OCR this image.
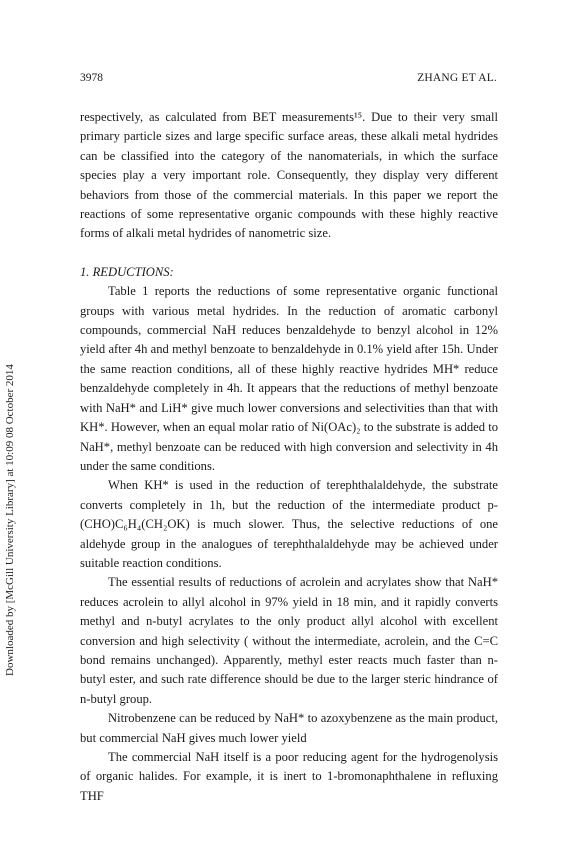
3978	ZHANG ET AL.
Downloaded by [McGill University Library] at 10:09 08 October 2014

respectively, as calculated from BET measurements¹⁵. Due to their very small primary particle sizes and large specific surface areas, these alkali metal hydrides can be classified into the category of the nanomaterials, in which the surface species play a very important role. Consequently, they display very different behaviors from those of the commercial materials. In this paper we report the reactions of some representative organic compounds with these highly reactive forms of alkali metal hydrides of nanometric size.

1. REDUCTIONS:

Table 1 reports the reductions of some representative organic functional groups with various metal hydrides. In the reduction of aromatic carbonyl compounds, commercial NaH reduces benzaldehyde to benzyl alcohol in 12% yield after 4h and methyl benzoate to benzaldehyde in 0.1% yield after 15h. Under the same reaction conditions, all of these highly reactive hydrides MH* reduce benzaldehyde completely in 4h. It appears that the reductions of methyl benzoate with NaH* and LiH* give much lower conversions and selectivities than that with KH*. However, when an equal molar ratio of Ni(OAc)₂ to the substrate is added to NaH*, methyl benzoate can be reduced with high conversion and selectivity in 4h under the same conditions.

When KH* is used in the reduction of terephthalaldehyde, the substrate converts completely in 1h, but the reduction of the intermediate product p-(CHO)C₆H₄(CH₂OK) is much slower. Thus, the selective reductions of one aldehyde group in the analogues of terephthalaldehyde may be achieved under suitable reaction conditions.

The essential results of reductions of acrolein and acrylates show that NaH* reduces acrolein to allyl alcohol in 97% yield in 18 min, and it rapidly converts methyl and n-butyl acrylates to the only product allyl alcohol with excellent conversion and high selectivity ( without the intermediate, acrolein, and the C=C bond remains unchanged). Apparently, methyl ester reacts much faster than n-butyl ester, and such rate difference should be due to the larger steric hindrance of n-butyl group.

Nitrobenzene can be reduced by NaH* to azoxybenzene as the main product, but commercial NaH gives much lower yield

The commercial NaH itself is a poor reducing agent for the hydrogenolysis of organic halides. For example, it is inert to 1-bromonaphthalene in refluxing THF
